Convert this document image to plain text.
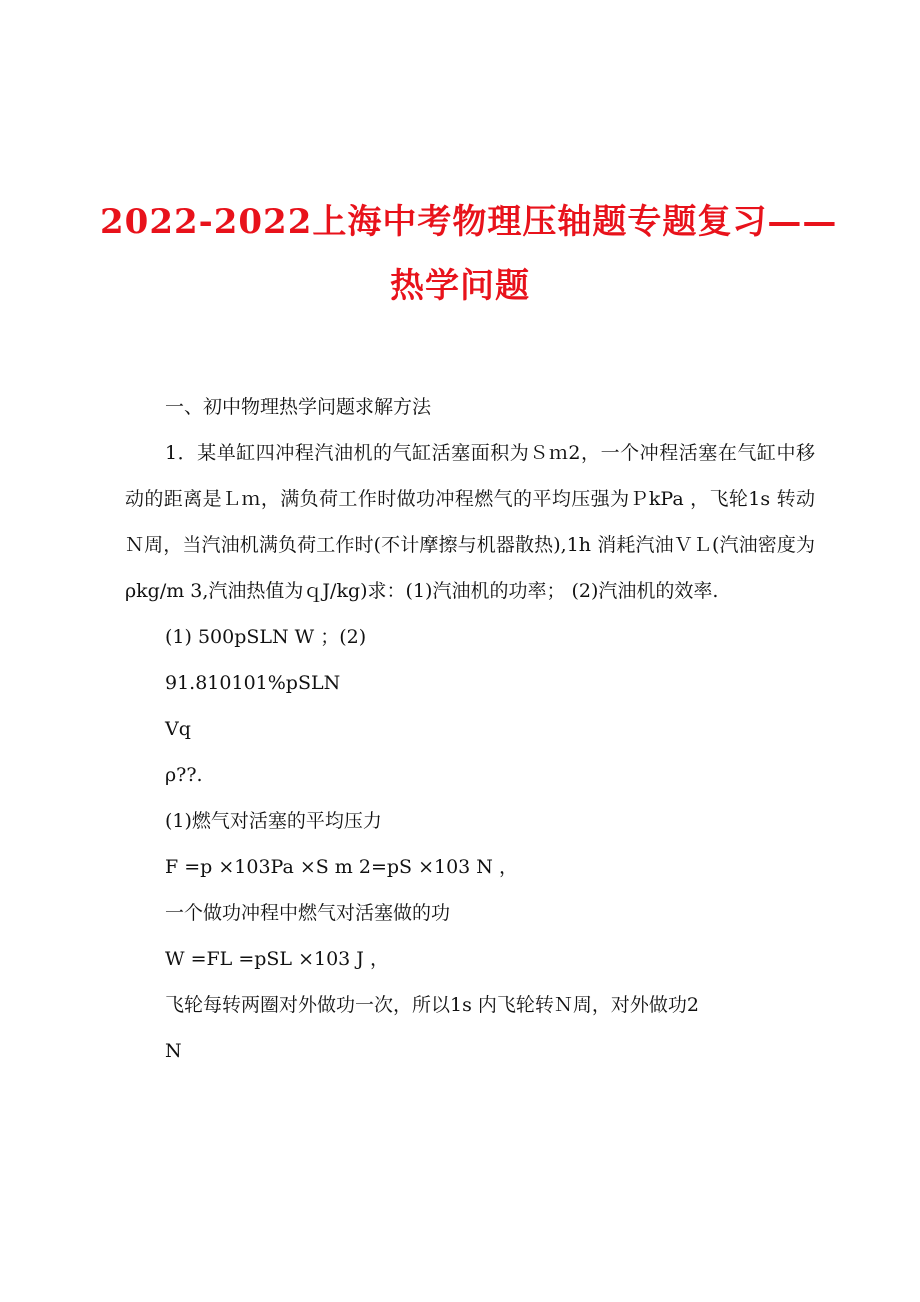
2022-2022上海中考物理压轴题专题复习——
热学问题

一、初中物理热学问题求解方法

1．某单缸四冲程汽油机的气缸活塞面积为Ｓｍ2，一个冲程活塞在气缸中移动的距离是Ｌｍ，满负荷工作时做功冲程燃气的平均压强为ＰkPa ，飞轮1s 转动Ｎ周，当汽油机满负荷工作时(不计摩擦与机器散热),1h 消耗汽油ＶＬ(汽油密度为ρkg/m 3,汽油热值为ｑJ/kg)求：(1)汽油机的功率； (2)汽油机的效率.

(1) 500pSLN W ；(2)

91.810101%pSLN

Vq

ρ??.

(1)燃气对活塞的平均压力

F =p ×103Pa ×S m 2=pS ×103 N ，

一个做功冲程中燃气对活塞做的功

W =FL =pSL ×103 J ，

飞轮每转两圈对外做功一次，所以1s 内飞轮转Ｎ周，对外做功2

N
